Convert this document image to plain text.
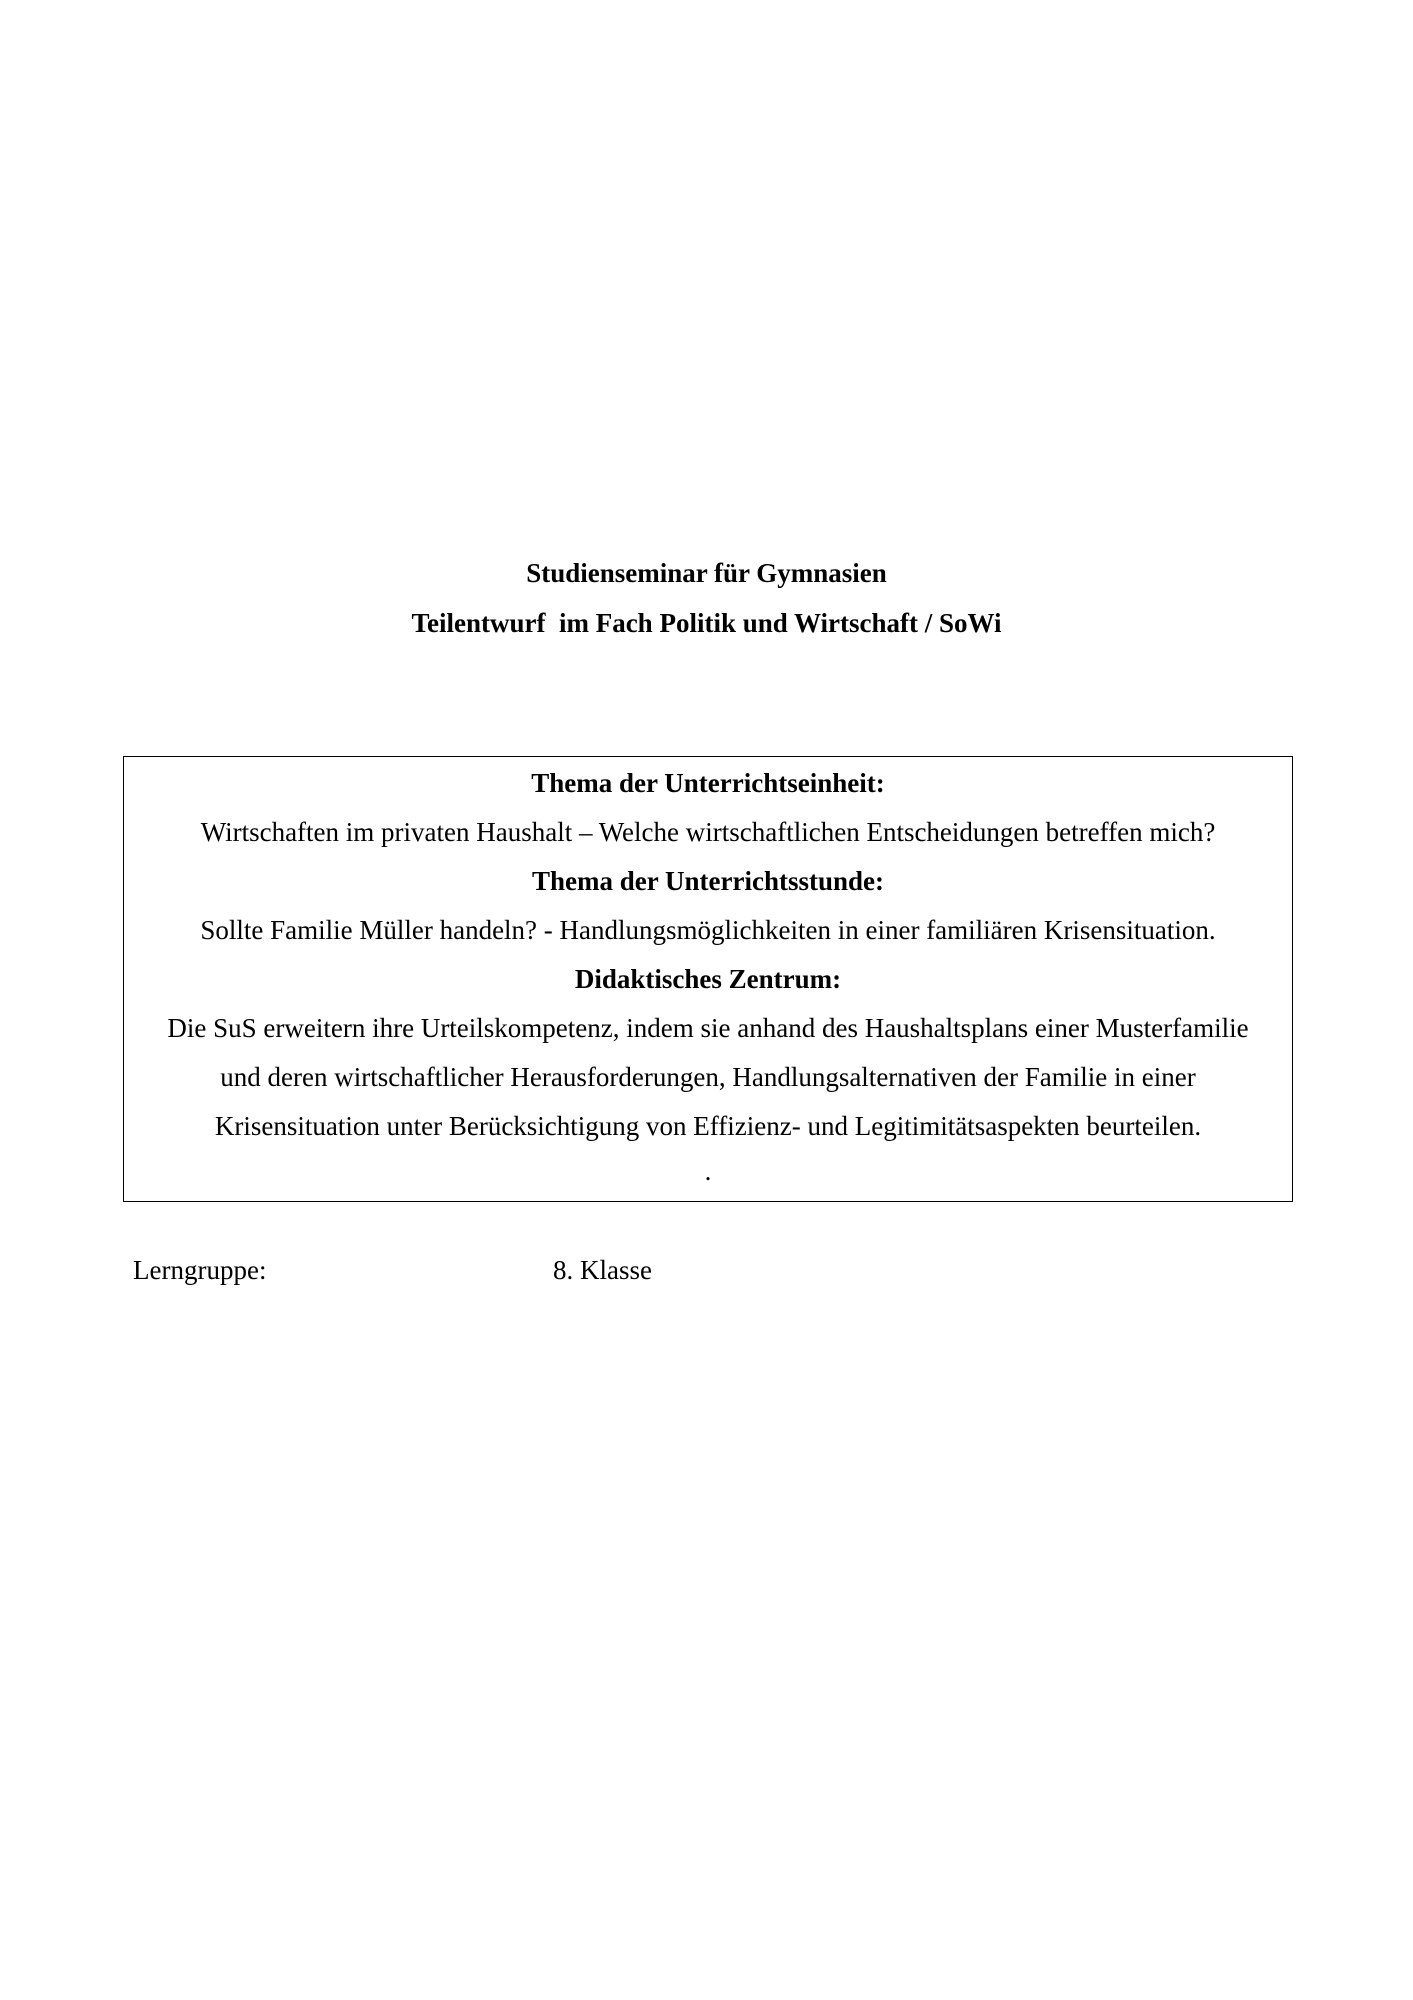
Studienseminar für Gymnasien
Teilentwurf  im Fach Politik und Wirtschaft / SoWi
Thema der Unterrichtseinheit:
Wirtschaften im privaten Haushalt – Welche wirtschaftlichen Entscheidungen betreffen mich?
Thema der Unterrichtsstunde:
Sollte Familie Müller handeln? - Handlungsmöglichkeiten in einer familiären Krisensituation.
Didaktisches Zentrum:
Die SuS erweitern ihre Urteilskompetenz, indem sie anhand des Haushaltsplans einer Musterfamilie
und deren wirtschaftlicher Herausforderungen, Handlungsalternativen der Familie in einer
Krisensituation unter Berücksichtigung von Effizienz- und Legitimitätsaspekten beurteilen.
.
Lerngruppe:	8. Klasse
